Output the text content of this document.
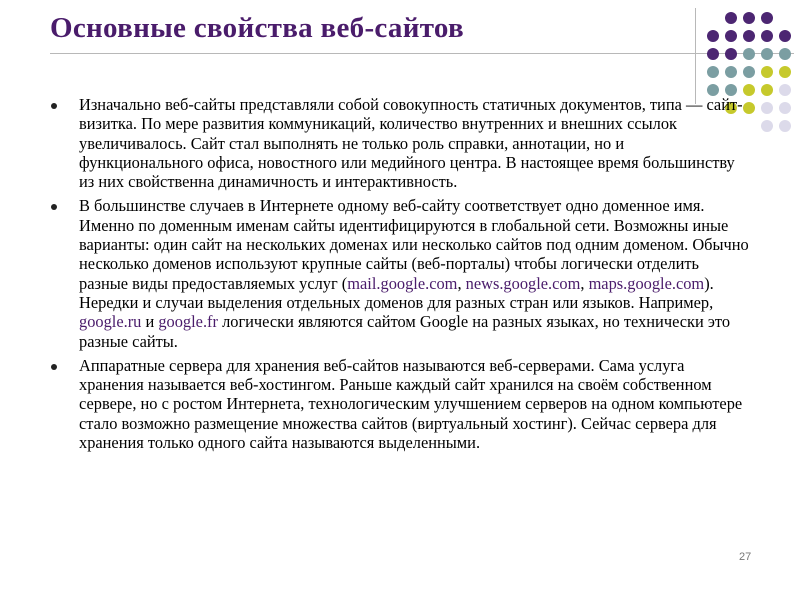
Основные свойства веб-сайтов
Изначально веб-сайты представляли собой совокупность статичных документов, типа — сайт-визитка. По мере развития коммуникаций, количество внутренних и внешних ссылок увеличивалось. Сайт стал выполнять не только роль справки, аннотации, но и функционального офиса, новостного или медийного центра. В настоящее время большинству из них свойственна динамичность и интерактивность.
В большинстве случаев в Интернете одному веб-сайту соответствует одно доменное имя. Именно по доменным именам сайты идентифицируются в глобальной сети. Возможны иные варианты: один сайт на нескольких доменах или несколько сайтов под одним доменом. Обычно несколько доменов используют крупные сайты (веб-порталы) чтобы логически отделить разные виды предоставляемых услуг (mail.google.com, news.google.com, maps.google.com). Нередки и случаи выделения отдельных доменов для разных стран или языков. Например, google.ru и google.fr логически являются сайтом Google на разных языках, но технически это разные сайты.
Аппаратные сервера для хранения веб-сайтов называются веб-серверами. Сама услуга хранения называется веб-хостингом. Раньше каждый сайт хранился на своём собственном сервере, но с ростом Интернета, технологическим улучшением серверов на одном компьютере стало возможно размещение множества сайтов (виртуальный хостинг). Сейчас сервера для хранения только одного сайта называются выделенными.
27
